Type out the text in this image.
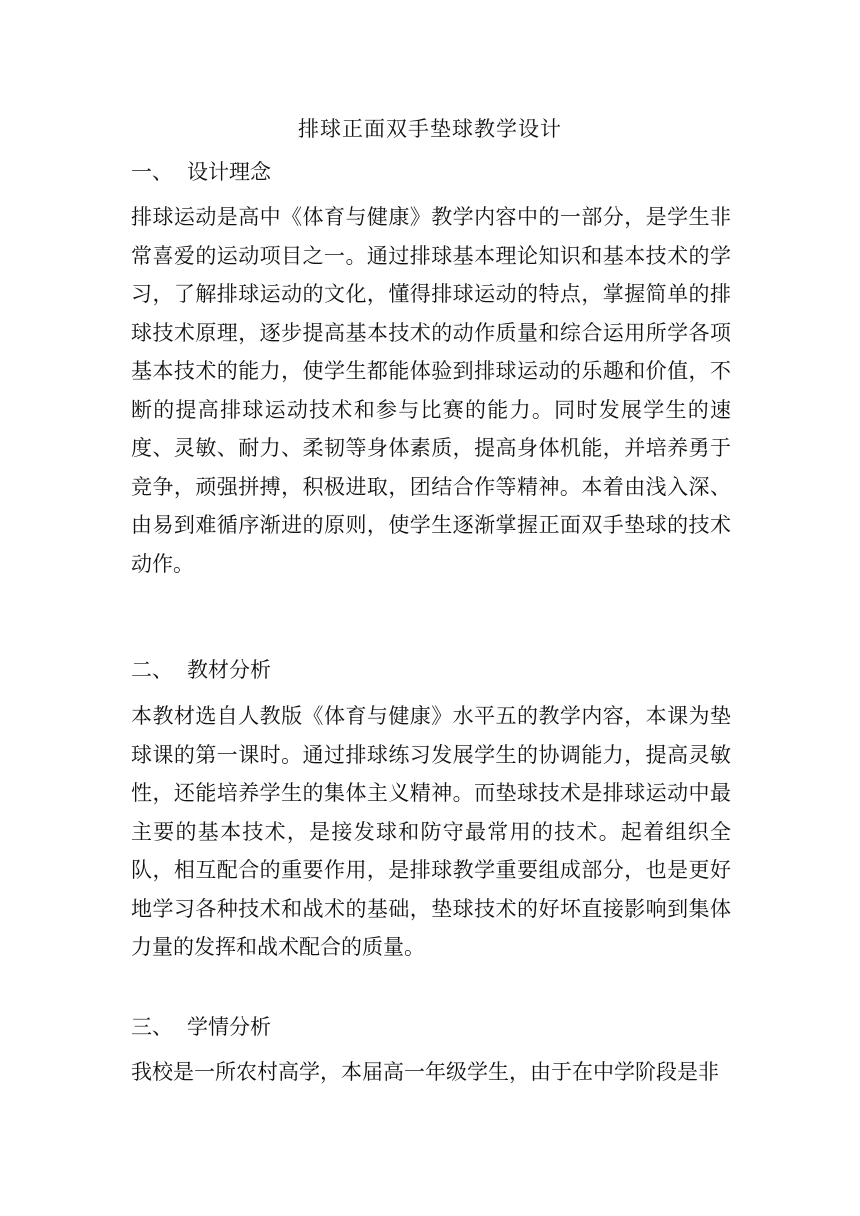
排球正面双手垫球教学设计
一、 设计理念
排球运动是高中《体育与健康》教学内容中的一部分，是学生非常喜爱的运动项目之一。通过排球基本理论知识和基本技术的学习，了解排球运动的文化，懂得排球运动的特点，掌握简单的排球技术原理，逐步提高基本技术的动作质量和综合运用所学各项基本技术的能力，使学生都能体验到排球运动的乐趣和价值，不断的提高排球运动技术和参与比赛的能力。同时发展学生的速度、灵敏、耐力、柔韧等身体素质，提高身体机能，并培养勇于竞争，顽强拼搏，积极进取，团结合作等精神。本着由浅入深、由易到难循序渐进的原则，使学生逐渐掌握正面双手垫球的技术动作。
二、 教材分析
本教材选自人教版《体育与健康》水平五的教学内容，本课为垫球课的第一课时。通过排球练习发展学生的协调能力，提高灵敏性，还能培养学生的集体主义精神。而垫球技术是排球运动中最主要的基本技术，是接发球和防守最常用的技术。起着组织全队，相互配合的重要作用，是排球教学重要组成部分，也是更好地学习各种技术和战术的基础，垫球技术的好坏直接影响到集体力量的发挥和战术配合的质量。
三、 学情分析
我校是一所农村高学，本届高一年级学生，由于在中学阶段是非
